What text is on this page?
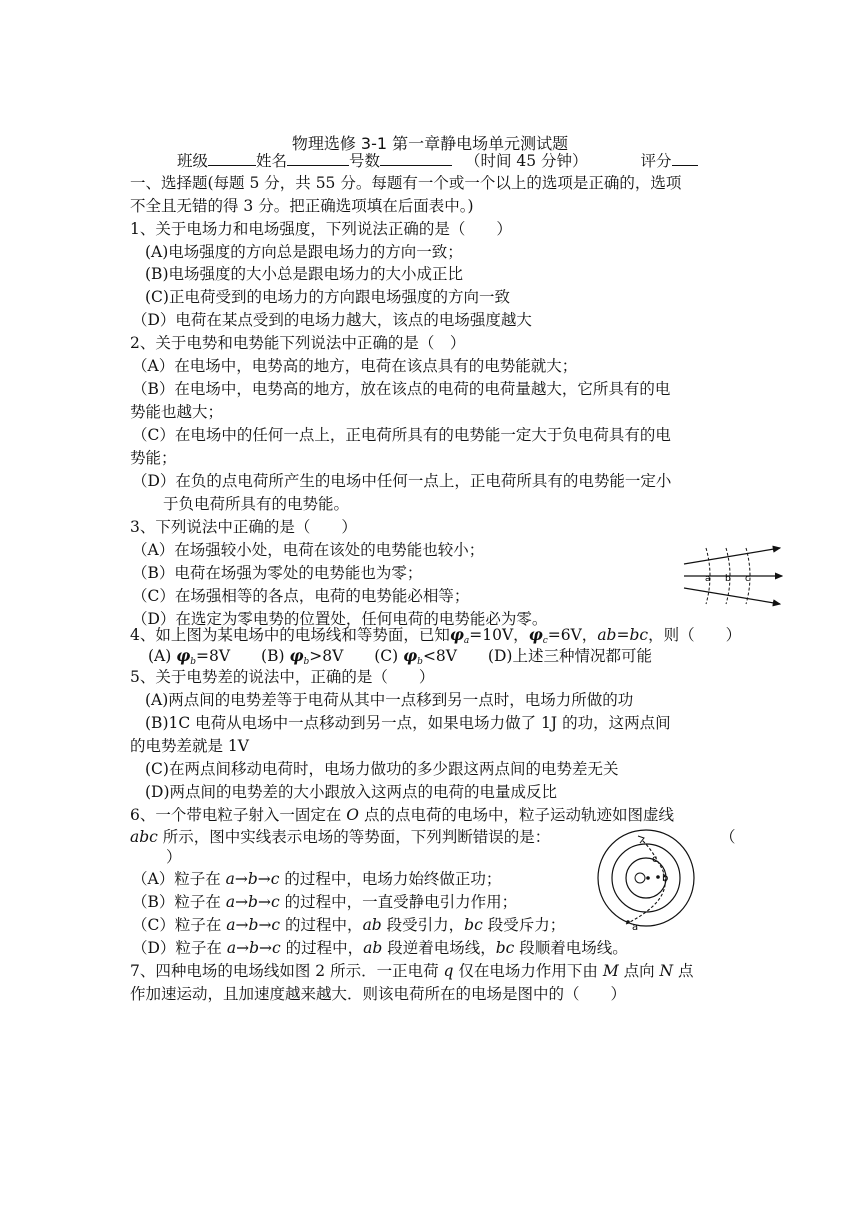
物理选修 3-1 第一章静电场单元测试题
班级	姓名	号数	（时间 45 分钟）	评分
一、选择题(每题 5 分，共 55 分。每题有一个或一个以上的选项是正确的，选项
不全且无错的得 3 分。把正确选项填在后面表中。)
1、关于电场力和电场强度，下列说法正确的是（　　）
(A)电场强度的方向总是跟电场力的方向一致；
(B)电场强度的大小总是跟电场力的大小成正比
(C)正电荷受到的电场力的方向跟电场强度的方向一致
（D）电荷在某点受到的电场力越大，该点的电场强度越大
2、关于电势和电势能下列说法中正确的是（　）
（A）在电场中，电势高的地方，电荷在该点具有的电势能就大；
（B）在电场中，电势高的地方，放在该点的电荷的电荷量越大，它所具有的电
势能也越大；
（C）在电场中的任何一点上，正电荷所具有的电势能一定大于负电荷具有的电
势能；
（D）在负的点电荷所产生的电场中任何一点上，正电荷所具有的电势能一定小
于负电荷所具有的电势能。
3、下列说法中正确的是（　　）
（A）在场强较小处，电荷在该处的电势能也较小；
（B）电荷在场强为零处的电势能也为零；
（C）在场强相等的各点，电荷的电势能必相等；
（D）在选定为零电势的位置处，任何电荷的电势能必为零。
a b c
4、如上图为某电场中的电场线和等势面，已知$\varphi_a=10V$，$\varphi_c=6V$，ab=bc，则（　　）
(A) $\varphi_b=8V$ (B) $\varphi_b>8V$ (C) $\varphi_b<8V$ (D)上述三种情况都可能
5、关于电势差的说法中，正确的是（　　）
(A)两点间的电势差等于电荷从其中一点移到另一点时，电场力所做的功
(B)1C 电荷从电场中一点移动到另一点，如果电场力做了 1J 的功，这两点间
的电势差就是 1V
(C)在两点间移动电荷时，电场力做功的多少跟这两点间的电势差无关
(D)两点间的电势差的大小跟放入这两点的电荷的电量成反比
6、一个带电粒子射入一固定在 O 点的点电荷的电场中，粒子运动轨迹如图虚线
abc 所示，图中实线表示电场的等势面，下列判断错误的是：	（
）
（A）粒子在 a→b→c 的过程中，电场力始终做正功；
（B）粒子在 a→b→c 的过程中，一直受静电引力作用；
（C）粒子在 a→b→c 的过程中，ab 段受引力，bc 段受斥力；
（D）粒子在 a→b→c 的过程中，ab 段逆着电场线，bc 段顺着电场线。
c
b
a
7、四种电场的电场线如图 2 所示．一正电荷 q 仅在电场力作用下由 M 点向 N 点
作加速运动，且加速度越来越大．则该电荷所在的电场是图中的（　　）
